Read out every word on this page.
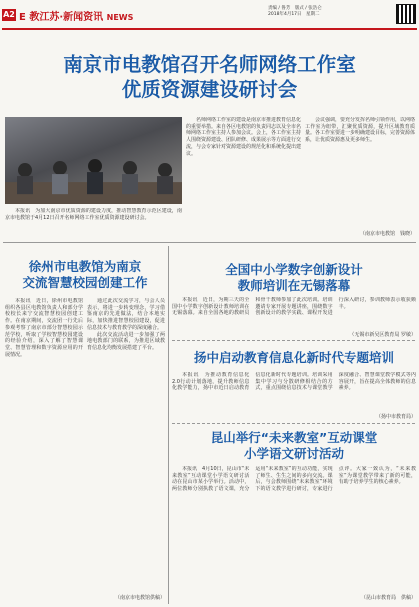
A2 E 教江苏·新闻资讯 NEWS
责编 / 鲁芳　版式 / 张浩仑
2018年4月17日　星期二
南京市电教馆召开名师网络工作室
优质资源建设研讨会

本报讯　为加大南京市优质资源的建设力度，推动智慧教育示范区建设，南京市电教馆于4月12日召开名师网络工作室优质资源建设研讨会。

名师网络工作室的建设是南京市推进教育信息化的重要举措。来自各区电教馆的负责同志以及全市名师网络工作室主持人参加会议。会上，各工作室主持人围绕资源建设、团队研修、成果展示等方面进行交流，与会专家针对资源建设的规范化和系统化提出建议。

会议强调，要充分发挥名师引领作用，以网络工作室为纽带，汇聚优质资源，提升区域教育质量。各工作室要进一步明确建设目标，完善资源体系，让优质资源惠及更多师生。

（南京市电教馆　钱晓）
徐州市电教馆为南京
交流智慧校园创建工作

本报讯　近日，徐州市电教馆组织各县区电教馆负责人和部分学校校长来宁交流智慧校园创建工作。在南京期间，交流团一行先后参观考察了南京市部分智慧校园示范学校，听取了学校智慧校园建设的经验介绍，深入了解了智慧课堂、智慧管理和数字资源应用的开展情况。

通过此次交流学习，与会人员表示，将进一步转变理念，学习借鉴南京的先进做法，结合本地实际，加快推进智慧校园建设，促进信息技术与教育教学的深度融合。

此次交流活动进一步加强了两地电教部门的联系，为推进区域教育信息化均衡发展搭建了平台。

（南京市电教馆供稿）
全国中小学数字创新设计
教师培训在无锡落幕

本报讯　近日，为期三天的全国中小学数字创新设计教师培训在无锡落幕。来自全国各地的教研员和骨干教师参加了此次培训。培训邀请专家开展专题讲座，围绕数字创新设计的教学实践、课程开发进行深入研讨，参训教师表示收获颇丰。

（无锡市新吴区教育局 罗敏）
扬中启动教育信息化新时代专题培训

本报讯　为推动教育信息化2.0行动计划落地，提升教师信息化教学能力，扬中市近日启动教育信息化新时代专题培训。培训采用集中学习与分散研修相结合的方式，重点围绕信息技术与课堂教学深度融合、智慧课堂教学模式等内容展开，旨在提高全体教师的信息素养。

（扬中市教育局）
昆山举行“未来教室”互动课堂
小学语文研讨活动

本报讯　4月10日，昆山市“未来教室”互动课堂小学语文研讨活动在昆山市某小学举行。活动中，两位教师分别执教了语文课，充分运用“未来教室”的互动功能，实现了师生、生生之间的多向交流。课后，与会教师围绕“未来教室”环境下的语文教学进行研讨，专家进行点评。大家一致认为，“未来教室”为课堂教学带来了新的可能，有助于培养学生的核心素养。

（昆山市教育局　供稿）
